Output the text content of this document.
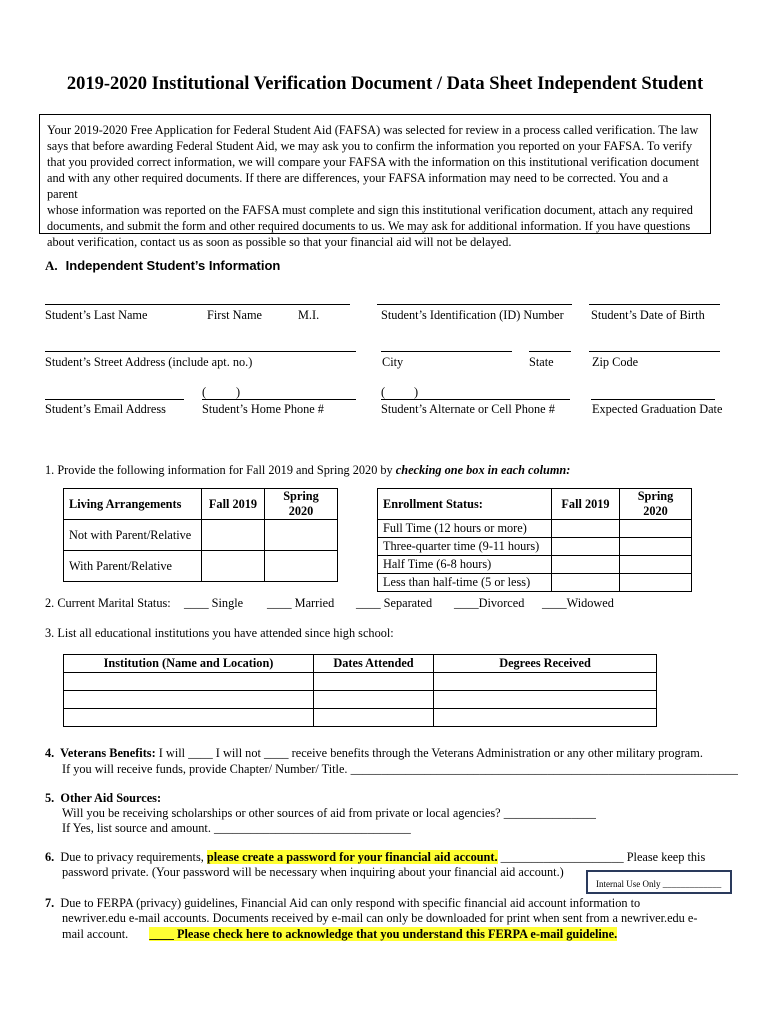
2019-2020 Institutional Verification Document / Data Sheet Independent Student
Your 2019-2020 Free Application for Federal Student Aid (FAFSA) was selected for review in a process called verification. The law
says that before awarding Federal Student Aid, we may ask you to confirm the information you reported on your FAFSA. To verify
that you provided correct information, we will compare your FAFSA with the information on this institutional verification document
and with any other required documents. If there are differences, your FAFSA information may need to be corrected. You and a parent
whose information was reported on the FAFSA must complete and sign this institutional verification document, attach any required
documents, and submit the form and other required documents to us. We may ask for additional information. If you have questions
about verification, contact us as soon as possible so that your financial aid will not be delayed.
A. Independent Student’s Information
Student’s Last Name	First Name	M.I.	Student’s Identification (ID) Number Student’s Date of Birth
Student’s Street Address (include apt. no.)	City	State	Zip Code
( )	( )
Student’s Email Address	Student’s Home Phone #	Student’s Alternate or Cell Phone #	Expected Graduation Date
1. Provide the following information for Fall 2019 and Spring 2020 by checking one box in each column:
Living Arrangements	Fall 2019	Spring 2020
Not with Parent/Relative		
With Parent/Relative		
Enrollment Status:	Fall 2019	Spring 2020
Full Time (12 hours or more)		
Three-quarter time (9-11 hours)		
Half Time (6-8 hours)		
Less than half-time (5 or less)		
2. Current Marital Status: ____ Single ____ Married ____ Separated ____Divorced ____Widowed
3. List all educational institutions you have attended since high school:
Institution (Name and Location)	Dates Attended	Degrees Received

4. Veterans Benefits: I will ____ I will not ____ receive benefits through the Veterans Administration or any other military program.
If you will receive funds, provide Chapter/ Number/ Title. _______________________________________________________________
5. Other Aid Sources:
Will you be receiving scholarships or other sources of aid from private or local agencies? _______________
If Yes, list source and amount. ________________________________
6. Due to privacy requirements, please create a password for your financial aid account. ____________________ Please keep this
password private. (Your password will be necessary when inquiring about your financial aid account.)
Internal Use Only _____________
7. Due to FERPA (privacy) guidelines, Financial Aid can only respond with specific financial aid account information to
newriver.edu e-mail accounts. Documents received by e-mail can only be downloaded for print when sent from a newriver.edu e-
mail account. ____ Please check here to acknowledge that you understand this FERPA e-mail guideline.
